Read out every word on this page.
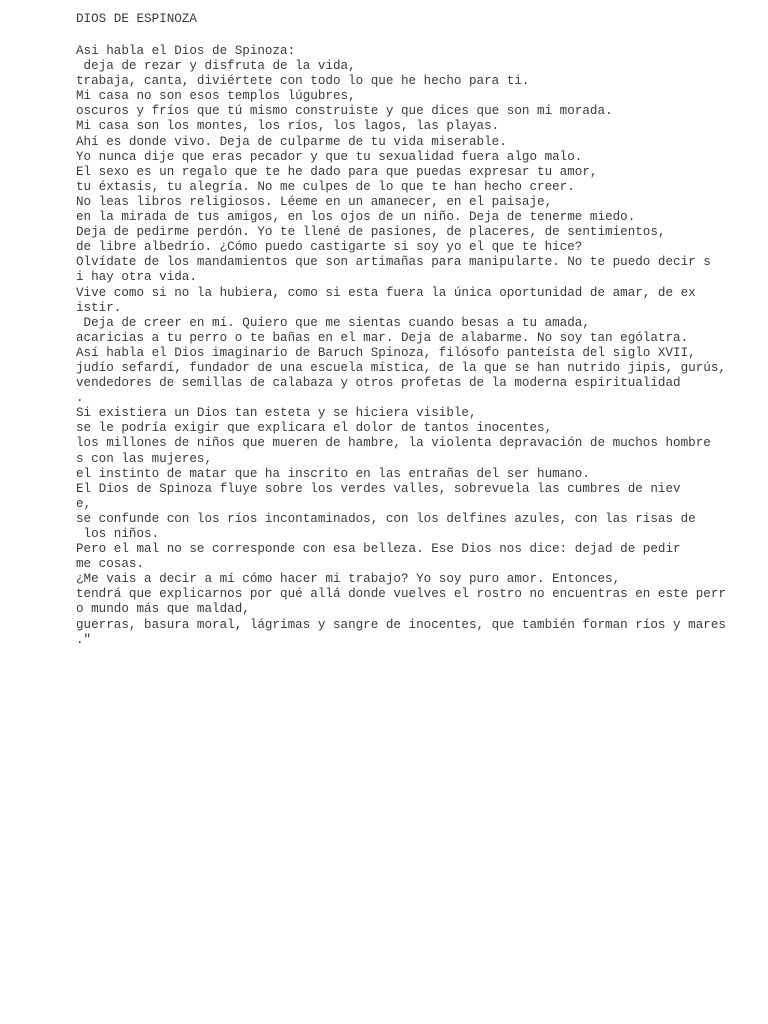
DIOS DE ESPINOZA
Asi habla el Dios de Spinoza:
deja de rezar y disfruta de la vida,
trabaja, canta, diviértete con todo lo que he hecho para ti.
Mi casa no son esos templos lúgubres,
oscuros y fríos que tú mismo construiste y que dices que son mi morada.
Mi casa son los montes, los ríos, los lagos, las playas.
Ahí es donde vivo. Deja de culparme de tu vida miserable.
Yo nunca dije que eras pecador y que tu sexualidad fuera algo malo.
El sexo es un regalo que te he dado para que puedas expresar tu amor,
tu éxtasis, tu alegría. No me culpes de lo que te han hecho creer.
No leas libros religiosos. Léeme en un amanecer, en el paisaje,
en la mirada de tus amigos, en los ojos de un niño. Deja de tenerme miedo.
Deja de pedirme perdón. Yo te llené de pasiones, de placeres, de sentimientos,
de libre albedrío. ¿Cómo puedo castigarte si soy yo el que te hice?
Olvídate de los mandamientos que son artimañas para manipularte. No te puedo decir s
i hay otra vida.
Vive como si no la hubiera, como si esta fuera la única oportunidad de amar, de ex
istir.
Deja de creer en mí. Quiero que me sientas cuando besas a tu amada,
acaricias a tu perro o te bañas en el mar. Deja de alabarme. No soy tan ególatra.
Así habla el Dios imaginario de Baruch Spinoza, filósofo panteísta del siglo XVII,
judío sefardí, fundador de una escuela mística, de la que se han nutrido jipis, gurús,
vendedores de semillas de calabaza y otros profetas de la moderna espiritualidad
.
Si existiera un Dios tan esteta y se hiciera visible,
se le podría exigir que explicara el dolor de tantos inocentes,
los millones de niños que mueren de hambre, la violenta depravación de muchos hombre
s con las mujeres,
el instinto de matar que ha inscrito en las entrañas del ser humano.
El Dios de Spinoza fluye sobre los verdes valles, sobrevuela las cumbres de niev
e,
se confunde con los ríos incontaminados, con los delfines azules, con las risas de
los niños.
Pero el mal no se corresponde con esa belleza. Ese Dios nos dice: dejad de pedir
me cosas.
¿Me vais a decir a mí cómo hacer mi trabajo? Yo soy puro amor. Entonces,
tendrá que explicarnos por qué allá donde vuelves el rostro no encuentras en este perr
o mundo más que maldad,
guerras, basura moral, lágrimas y sangre de inocentes, que también forman ríos y mares
."
